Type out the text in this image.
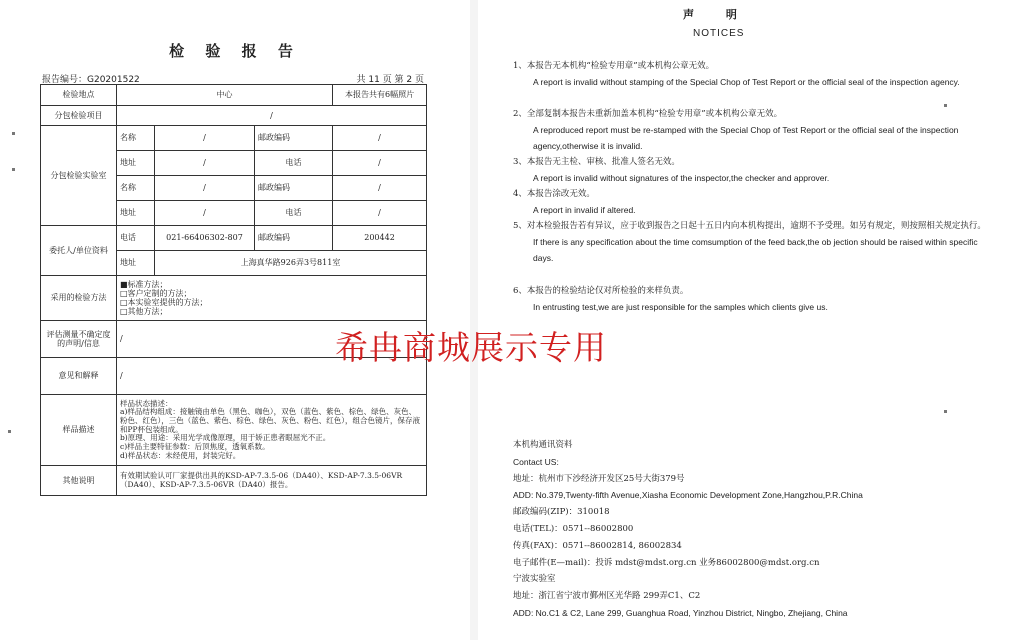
检 验 报 告
报告编号：G20201522	共 11 页 第 2 页
检验地点	中心			本报告共有6幅照片
分包检验项目	/			
分包检验实验室	名称	/	邮政编码	/
	地址	/	电话	/
	名称	/	邮政编码	/
	地址	/	电话	/
委托人/单位资料	电话	021-66406302-807	邮政编码	200442
	地址	上海真华路926弄3号811室		
采用的检验方法	■标准方法；
□客户定制的方法；
□本实验室提供的方法；
□其他方法；			

评估测量不确定度的声明/信息	/			
意见和解释	/			
样品描述	样品状态描述：
a)样品结构组成：接触镜由单色（黑色、咖色），双色（蓝色、紫色、棕色、绿色、灰色、粉色、红色），三色（蓝色、紫色、棕色、绿色、灰色、粉色、红色），组合色镜片，保存液和PP杯包装组成。
b)原理、用途：采用光学成像原理，用于矫正患者眼屈光不正。
c)样品主要特征参数：后顶焦度，透氧系数。
d)样品状态：未经使用，封装完好。			

其他说明	有效期试验认可厂家提供出具的KSD-AP-7.3.5-06（DA40）、KSD-AP-7.3.5-06VR（DA40）、KSD-AP-7.3.5-06VR（DA40）报告。			
声 明
NOTICES
1、本报告无本机构“检验专用章”或本机构公章无效。
A report is invalid without stamping of the Special Chop of Test Report or the official seal of the inspection agency.
2、全部复制本报告未重新加盖本机构“检验专用章”或本机构公章无效。
A reproduced report must be re-stamped with the Special Chop of Test Report or the official seal of the inspection agency,otherwise it is invalid.
3、本报告无主检、审核、批准人签名无效。
A report is invalid without signatures of the inspector,the checker and approver.
4、本报告涂改无效。
A report in invalid if altered.
5、对本检验报告若有异议，应于收到报告之日起十五日内向本机构提出，逾期不予受理。如另有规定，则按照相关规定执行。
If there is any specification about the time comsumption of the feed back,the ob jection should be raised within specific days.
6、本报告的检验结论仅对所检验的来样负责。
In entrusting test,we are just responsible for the samples which clients give us.
本机构通讯资料
Contact US:
地址：杭州市下沙经济开发区25号大街379号
ADD: No.379,Twenty-fifth Avenue,Xiasha Economic Development Zone,Hangzhou,P.R.China
邮政编码(ZIP)：310018
电话(TEL)：0571--86002800
传真(FAX)：0571--86002814, 86002834
电子邮件(E—mail)：投诉 mdst@mdst.org.cn 业务86002800@mdst.org.cn
宁波实验室
地址：浙江省宁波市鄞州区光华路 299弄C1、C2
ADD: No.C1 & C2, Lane 299, Guanghua Road, Yinzhou District, Ningbo, Zhejiang, China
希冉商城展示专用
